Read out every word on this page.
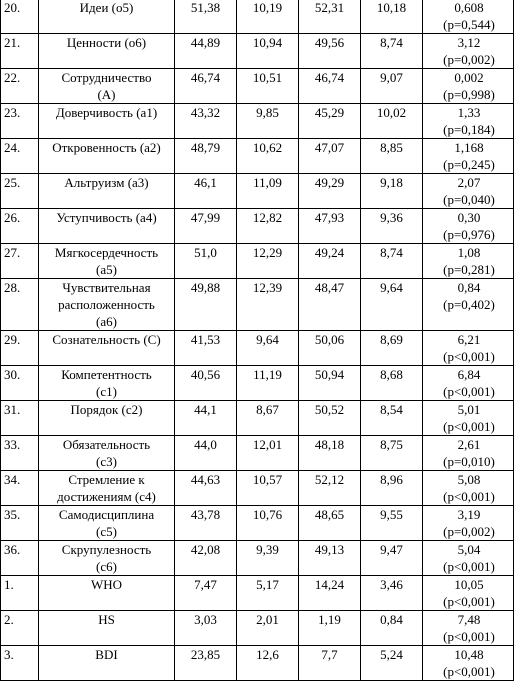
20.	Идеи (о5)	51,38	10,19	52,31	10,18	0,608
(p=0,544)

21.	Ценности (о6)	44,89	10,94	49,56	8,74	3,12
(p=0,002)

22.	Сотрудничество
(А)	46,74	10,51	46,74	9,07	0,002
(p=0,998)

23.	Доверчивость (а1)	43,32	9,85	45,29	10,02	1,33
(p=0,184)

24.	Откровенность (а2)	48,79	10,62	47,07	8,85	1,168
(p=0,245)

25.	Альтруизм (а3)	46,1	11,09	49,29	9,18	2,07
(p=0,040)

26.	Уступчивость (а4)	47,99	12,82	47,93	9,36	0,30
(p=0,976)

27.	Мягкосердечность
(а5)	51,0	12,29	49,24	8,74	1,08
(p=0,281)

28.	Чувствительная
расположенность
(а6)	49,88	12,39	48,47	9,64	0,84
(p=0,402)

29.	Сознательность (С)	41,53	9,64	50,06	8,69	6,21
(p<0,001)

30.	Компетентность
(с1)	40,56	11,19	50,94	8,68	6,84
(p<0,001)

31.	Порядок (с2)	44,1	8,67	50,52	8,54	5,01
(p<0,001)

33.	Обязательность
(с3)	44,0	12,01	48,18	8,75	2,61
(p=0,010)

34.	Стремление к
достижениям (с4)	44,63	10,57	52,12	8,96	5,08
(p<0,001)

35.	Самодисциплина
(с5)	43,78	10,76	48,65	9,55	3,19
(p=0,002)

36.	Скрупулезность
(с6)	42,08	9,39	49,13	9,47	5,04
(p<0,001)

1.	WHO	7,47	5,17	14,24	3,46	10,05
(p<0,001)

2.	HS	3,03	2,01	1,19	0,84	7,48
(p<0,001)

3.	BDI	23,85	12,6	7,7	5,24	10,48
(p<0,001)
